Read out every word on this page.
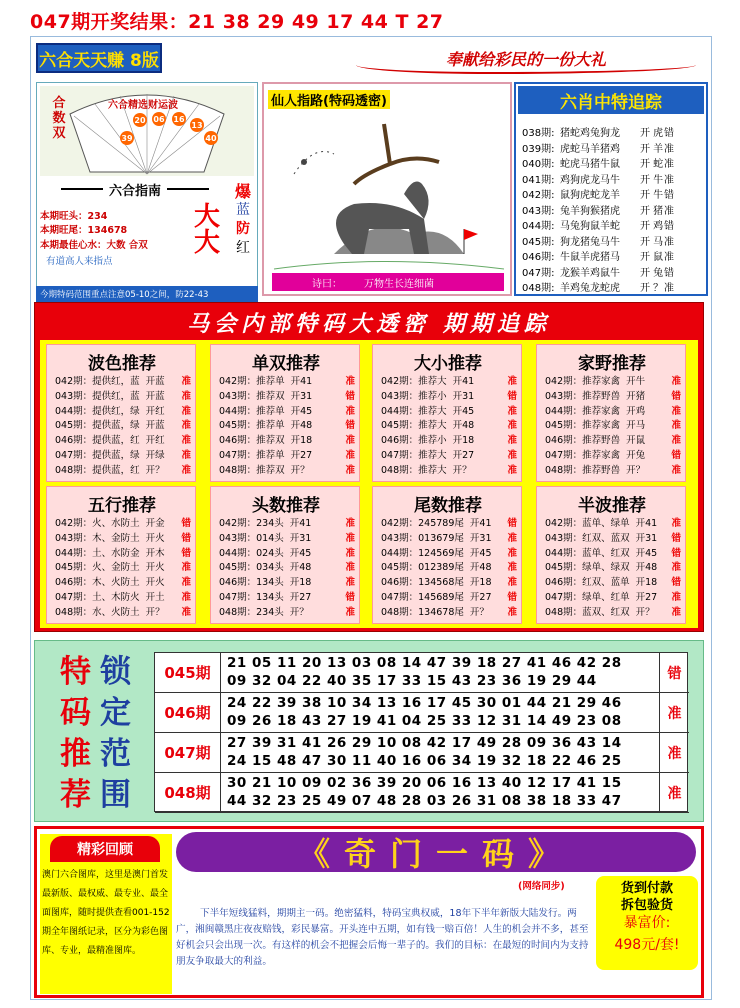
047期开奖结果：21 38 29 49 17 44 T 27
六合天天赚 8版	奉献给彩民的一份大礼
合数双
六合精选财运波
39
20 06 16
13
40
六合指南
本期旺头：234
本期旺尾：134678
本期最佳心水：大数 合双
有道高人来指点
大大
爆
蓝
防
红
今期特码范围重点注意05-10之间，防22-43
仙人指路(特码透密)
诗曰： 万物生长连细菌
六肖中特追踪
038期: 猪蛇鸡兔狗龙	开 虎 错
039期: 虎蛇马羊猪鸡	开 羊 准
040期: 蛇虎马猪牛鼠	开 蛇 准
041期: 鸡狗虎龙马牛	开 牛 准
042期: 鼠狗虎蛇龙羊	开 牛 错
043期: 兔羊狗猴猪虎	开 猪 准
044期: 马兔狗鼠羊蛇	开 鸡 错
045期: 狗龙猪兔马牛	开 马 准
046期: 牛鼠羊虎猪马	开 鼠 准
047期: 龙猴羊鸡鼠牛	开 兔 错
048期: 羊鸡兔龙蛇虎	开 ？ 准
马会内部特码大透密 期期追踪
波色推荐
042期：提供红，蓝 开蓝 准
043期：提供红，蓝 开蓝 准
044期：提供红，绿 开红 准
045期：提供蓝，绿 开蓝 准
046期：提供蓝，红 开红 准
047期：提供蓝，绿 开绿 准
048期：提供蓝，红 开？ 准
单双推荐
042期：推荐单 开41	准
043期：推荐双 开31	错
044期：推荐单 开45	准
045期：推荐单 开48	错
046期：推荐双 开18	准
047期：推荐单 开27	准
048期：推荐双 开？	准
大小推荐
042期：推荐大 开41	准
043期：推荐小 开31	错
044期：推荐大 开45	准
045期：推荐大 开48	准
046期：推荐小 开18	准
047期：推荐大 开27	准
048期：推荐大 开？	准
家野推荐
042期：推荐家禽 开牛	准
043期：推荐野兽 开猪	错
044期：推荐家禽 开鸡	准
045期：推荐家禽 开马	准
046期：推荐野兽 开鼠	准
047期：推荐家禽 开兔	错
048期：推荐野兽 开？	准
五行推荐
042期：火、水防土 开金 错
043期：木、金防土 开火 错
044期：土、水防金 开木 错
045期：火、金防土 开火 准
046期：木、火防土 开火 准
047期：土、木防火 开土 准
048期：水、火防土 开？ 准
头数推荐
042期：234头 开41	准
043期：014头 开31	准
044期：024头 开45	准
045期：034头 开48	准
046期：134头 开18	准
047期：134头 开27	错
048期：234头 开？	准
尾数推荐
042期：245789尾 开41 错
043期：013679尾 开31 准
044期：124569尾 开45 准
045期：012389尾 开48 准
046期：134568尾 开18 准
047期：145689尾 开27 错
048期：134678尾 开？ 准
半波推荐
042期：蓝单、绿单 开41 准
043期：红双、蓝双 开31 错
044期：蓝单、红双 开45 错
045期：绿单、绿双 开48 准
046期：红双、蓝单 开18 错
047期：绿单、红单 开27 准
048期：蓝双、红双 开？ 准
特
码
推
荐
锁
定
范
围
045期
21 05 11 20 13 03 08 14 47 39 18 27 41 46 42 28
09 32 04 22 40 35 17 33 15 43 23 36 19 29 44	错
046期
24 22 39 38 10 34 13 16 17 45 30 01 44 21 29 46
09 26 18 43 27 19 41 04 25 33 12 31 14 49 23 08	准
047期
27 39 31 41 26 29 10 08 42 17 49 28 09 36 43 14
24 15 48 47 30 11 40 16 06 34 19 32 18 22 46 25	准
048期
30 21 10 09 02 36 39 20 06 16 13 40 12 17 41 15
44 32 23 25 49 07 48 28 03 26 31 08 38 18 33 47	准
精彩回顾
澳门六合图库，这里是澳门首发最新版、最权威、最专业、最全面图库，随时提供查看001-152期全年图纸记录，区分为彩色图库、专业，最精准图库。
《奇门一码》
(网络同步)	货到付款
拆包验货
暴富价:
498元/套!
下半年短线猛料，期期主一码。绝密猛料，特码宝典权威，18年下半年新版大陆发行。两广，湘闽赣黑庄夜夜赔钱，彩民暴富。开头连中五期，如有钱一赔百倍！人生的机会并不多，甚至好机会只会出现一次。有这样的机会不把握会后悔一辈子的。我们的目标：在最短的时间内为支持朋友争取最大的利益。
